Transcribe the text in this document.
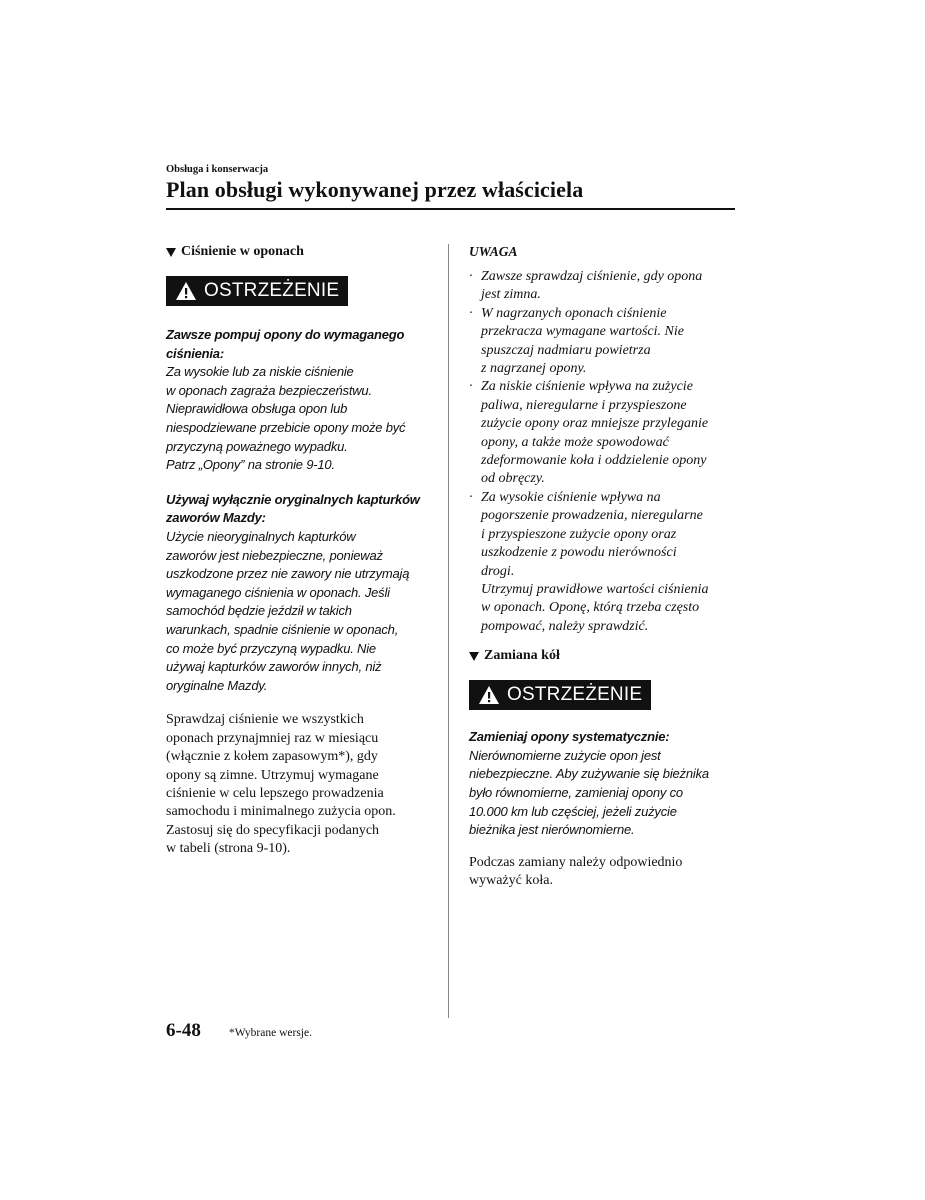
Obsługa i konserwacja
Plan obsługi wykonywanej przez właściciela
Ciśnienie w oponach
OSTRZEŻENIE
Zawsze pompuj opony do wymaganego
ciśnienia:
Za wysokie lub za niskie ciśnienie
w oponach zagraża bezpieczeństwu.
Nieprawidłowa obsługa opon lub
niespodziewane przebicie opony może być
przyczyną poważnego wypadku.
Patrz „Opony” na stronie 9-10.
Używaj wyłącznie oryginalnych kapturków
zaworów Mazdy:
Użycie nieoryginalnych kapturków
zaworów jest niebezpieczne, ponieważ
uszkodzone przez nie zawory nie utrzymają
wymaganego ciśnienia w oponach. Jeśli
samochód będzie jeździł w takich
warunkach, spadnie ciśnienie w oponach,
co może być przyczyną wypadku. Nie
używaj kapturków zaworów innych, niż
oryginalne Mazdy.
Sprawdzaj ciśnienie we wszystkich
oponach przynajmniej raz w miesiącu
(włącznie z kołem zapasowym*), gdy
opony są zimne. Utrzymuj wymagane
ciśnienie w celu lepszego prowadzenia
samochodu i minimalnego zużycia opon.
Zastosuj się do specyfikacji podanych
w tabeli (strona 9-10).
UWAGA
· Zawsze sprawdzaj ciśnienie, gdy opona
jest zimna.
· W nagrzanych oponach ciśnienie
przekracza wymagane wartości. Nie
spuszczaj nadmiaru powietrza
z nagrzanej opony.
· Za niskie ciśnienie wpływa na zużycie
paliwa, nieregularne i przyspieszone
zużycie opony oraz mniejsze przyleganie
opony, a także może spowodować
zdeformowanie koła i oddzielenie opony
od obręczy.
· Za wysokie ciśnienie wpływa na
pogorszenie prowadzenia, nieregularne
i przyspieszone zużycie opony oraz
uszkodzenie z powodu nierówności
drogi.
Utrzymuj prawidłowe wartości ciśnienia
w oponach. Oponę, którą trzeba często
pompować, należy sprawdzić.
Zamiana kół
OSTRZEŻENIE
Zamieniaj opony systematycznie:
Nierównomierne zużycie opon jest
niebezpieczne. Aby zużywanie się bieżnika
było równomierne, zamieniaj opony co
10.000 km lub częściej, jeżeli zużycie
bieżnika jest nierównomierne.
Podczas zamiany należy odpowiednio
wyważyć koła.
6-48 *Wybrane wersje.
